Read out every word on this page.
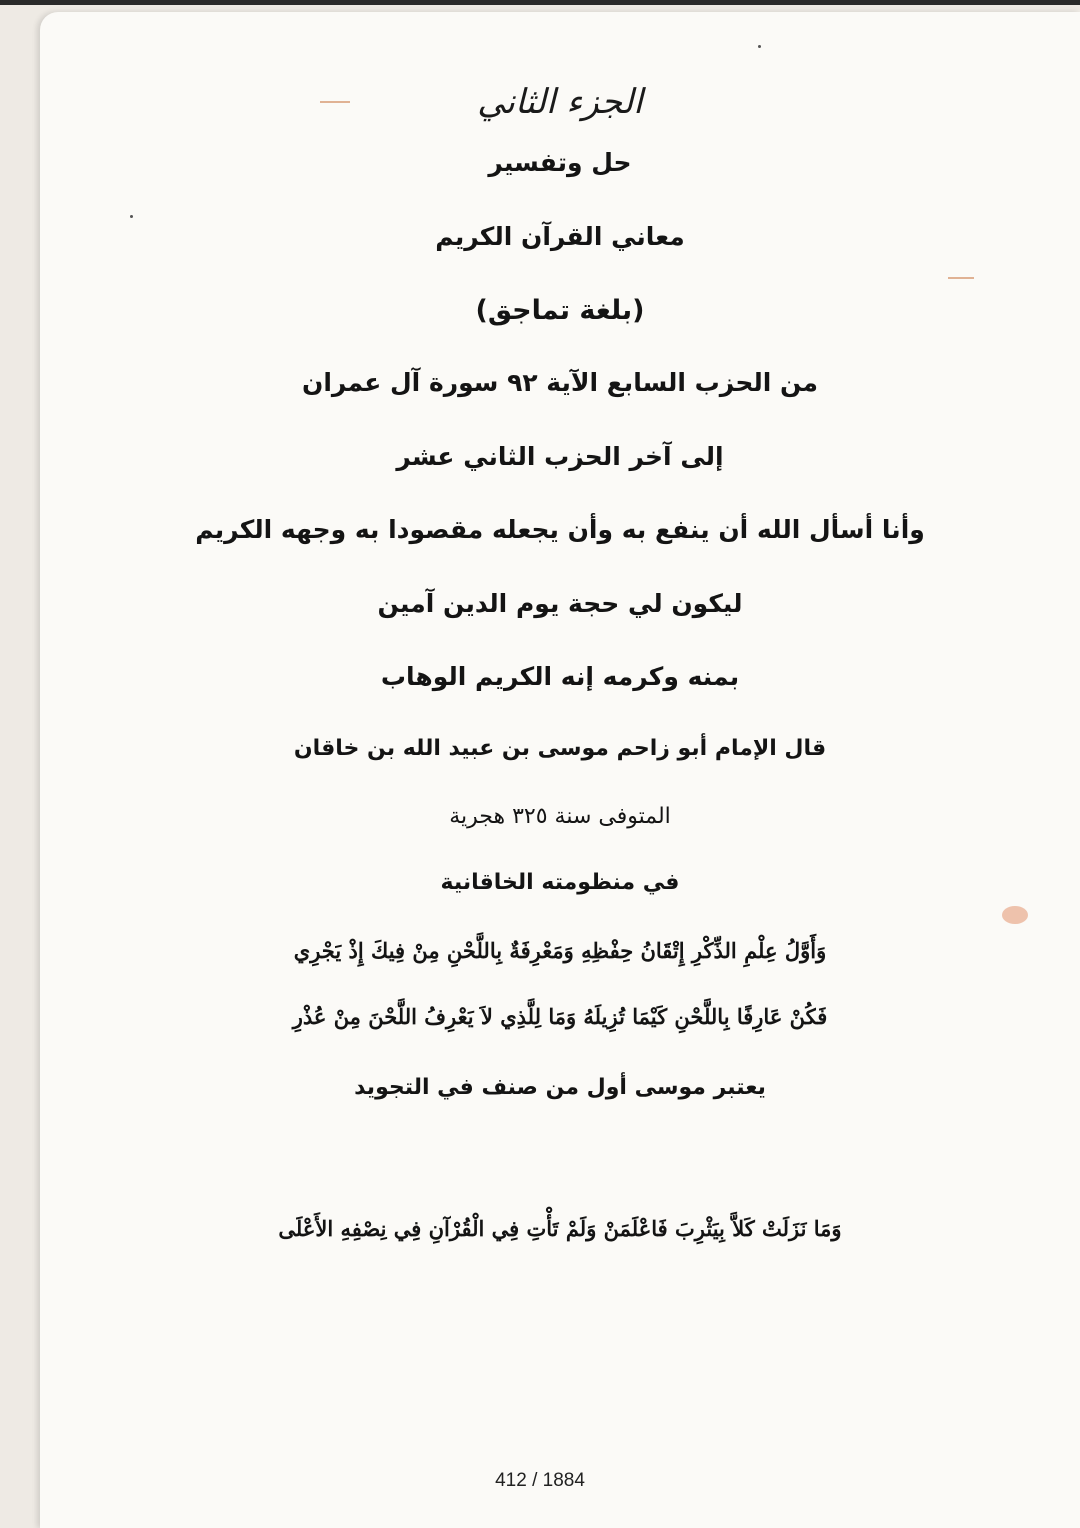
الجزء الثاني
حل وتفسير
معاني القرآن الكريم
(بلغة تماجق)
من الحزب السابع الآية ٩٢ سورة آل عمران
إلى آخر الحزب الثاني عشر
وأنا أسأل الله أن ينفع به وأن يجعله مقصودا به وجهه الكريم
ليكون لي حجة يوم الدين آمين
بمنه وكرمه إنه الكريم الوهاب
قال الإمام أبو زاحم موسى بن عبيد الله بن خاقان
المتوفى سنة ٣٢٥ هجرية
في منظومته الخاقانية
وَأَوَّلُ عِلْمِ الذِّكْرِ إِتْقَانُ حِفْظِهِ وَمَعْرِفَةٌ بِاللَّحْنِ مِنْ فِيكَ إِذْ يَجْرِي
فَكُنْ عَارِفًا بِاللَّحْنِ كَيْمَا تُزِيلَهُ وَمَا لِلَّذِي لاَ يَعْرِفُ اللَّحْنَ مِنْ عُذْرِ
يعتبر موسى أول من صنف في التجويد
وَمَا نَزَلَتْ كَلاَّ بِيَثْرِبَ فَاعْلَمَنْ وَلَمْ تَأْتِ فِي الْقُرْآنِ فِي نِصْفِهِ الأَعْلَى
412 / 1884
